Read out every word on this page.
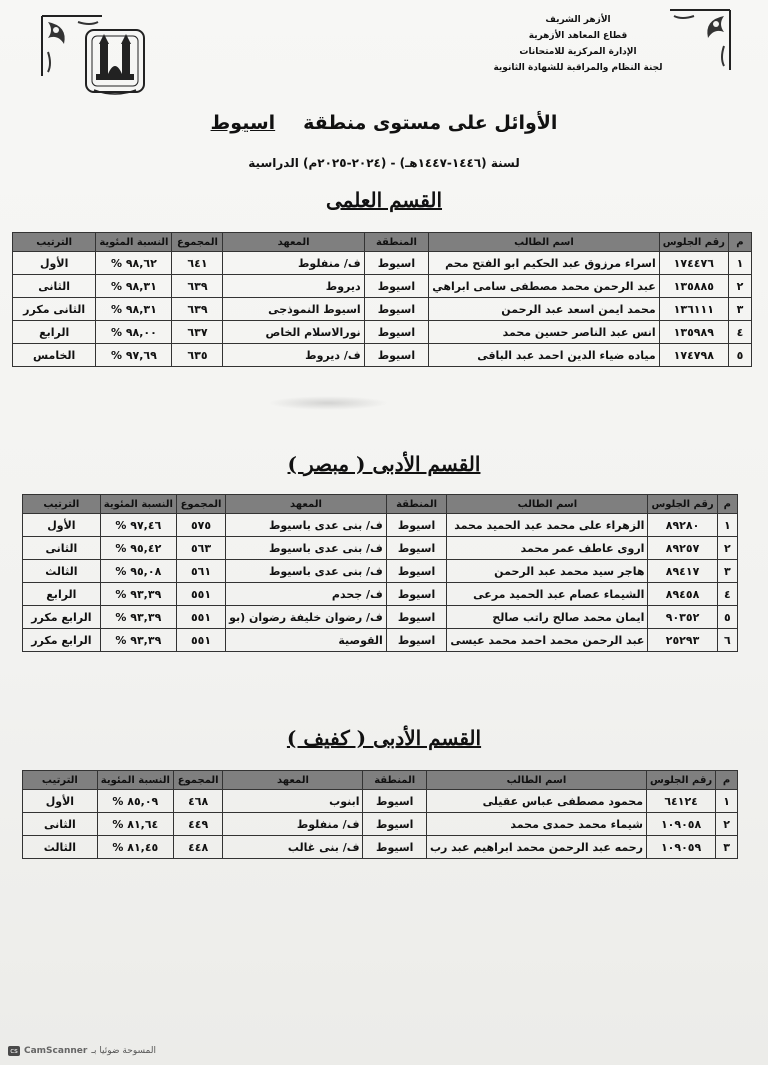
الأزهر الشريف
قطاع المعاهد الأزهرية
الإدارة المركزية للامتحانات
لجنة النظام والمراقبة للشهادة الثانوية
الأوائل على مستوى منطقةاسيوط
لسنة (١٤٤٦-١٤٤٧هـ) - (٢٠٢٤-٢٠٢٥م) الدراسية
القسم العلمى
م	رقم الجلوس	اسم الطالب	المنطقة	المعهد	المجموع	النسبة المئوية	الترتيب
١	١٧٤٤٧٦	اسراء مرزوق عبد الحكيم ابو الفتح محم	اسيوط	ف/ منفلوط	٦٤١	٩٨,٦٢ %	الأول
٢	١٣٥٨٨٥	عبد الرحمن محمد مصطفى سامى ابراهي	اسيوط	ديروط	٦٣٩	٩٨,٣١ %	الثانى
٣	١٣٦١١١	محمد ايمن اسعد عبد الرحمن	اسيوط	اسيوط النموذجى	٦٣٩	٩٨,٣١ %	الثانى مكرر
٤	١٣٥٩٨٩	انس عبد الناصر حسين محمد	اسيوط	نورالاسلام الخاص	٦٣٧	٩٨,٠٠ %	الرابع
٥	١٧٤٧٩٨	مياده ضياء الدين احمد عبد الباقى	اسيوط	ف/ ديروط	٦٣٥	٩٧,٦٩ %	الخامس
القسم الأدبى ( مبصر )
م	رقم الجلوس	اسم الطالب	المنطقة	المعهد	المجموع	النسبة المئوية	الترتيب
١	٨٩٢٨٠	الزهراء على محمد عبد الحميد محمد	اسيوط	ف/ بنى عدى باسيوط	٥٧٥	٩٧,٤٦ %	الأول
٢	٨٩٢٥٧	اروى عاطف عمر محمد	اسيوط	ف/ بنى عدى باسيوط	٥٦٣	٩٥,٤٢ %	الثانى
٣	٨٩٤١٧	هاجر سيد محمد عبد الرحمن	اسيوط	ف/ بنى عدى باسيوط	٥٦١	٩٥,٠٨ %	الثالث
٤	٨٩٤٥٨	الشيماء عصام عبد الحميد مرعى	اسيوط	ف/ جحدم	٥٥١	٩٣,٣٩ %	الرابع
٥	٩٠٣٥٢	ايمان محمد صالح راتب صالح	اسيوط	ف/ رضوان خليفة رضوان (بو	٥٥١	٩٣,٣٩ %	الرابع مكرر
٦	٢٥٢٩٣	عبد الرحمن محمد احمد محمد عيسى	اسيوط	القوصية	٥٥١	٩٣,٣٩ %	الرابع مكرر
القسم الأدبى ( كفيف )
م	رقم الجلوس	اسم الطالب	المنطقة	المعهد	المجموع	النسبة المئوية	الترتيب
١	٦٤١٢٤	محمود مصطفى عباس عقيلى	اسيوط	ابنوب	٤٦٨	٨٥,٠٩ %	الأول
٢	١٠٩٠٥٨	شيماء محمد حمدى محمد	اسيوط	ف/ منفلوط	٤٤٩	٨١,٦٤ %	الثانى
٣	١٠٩٠٥٩	رحمه عبد الرحمن محمد ابراهيم عبد رب	اسيوط	ف/ بنى غالب	٤٤٨	٨١,٤٥ %	الثالث
cs CamScanner المسوحة ضوئيا بـ
